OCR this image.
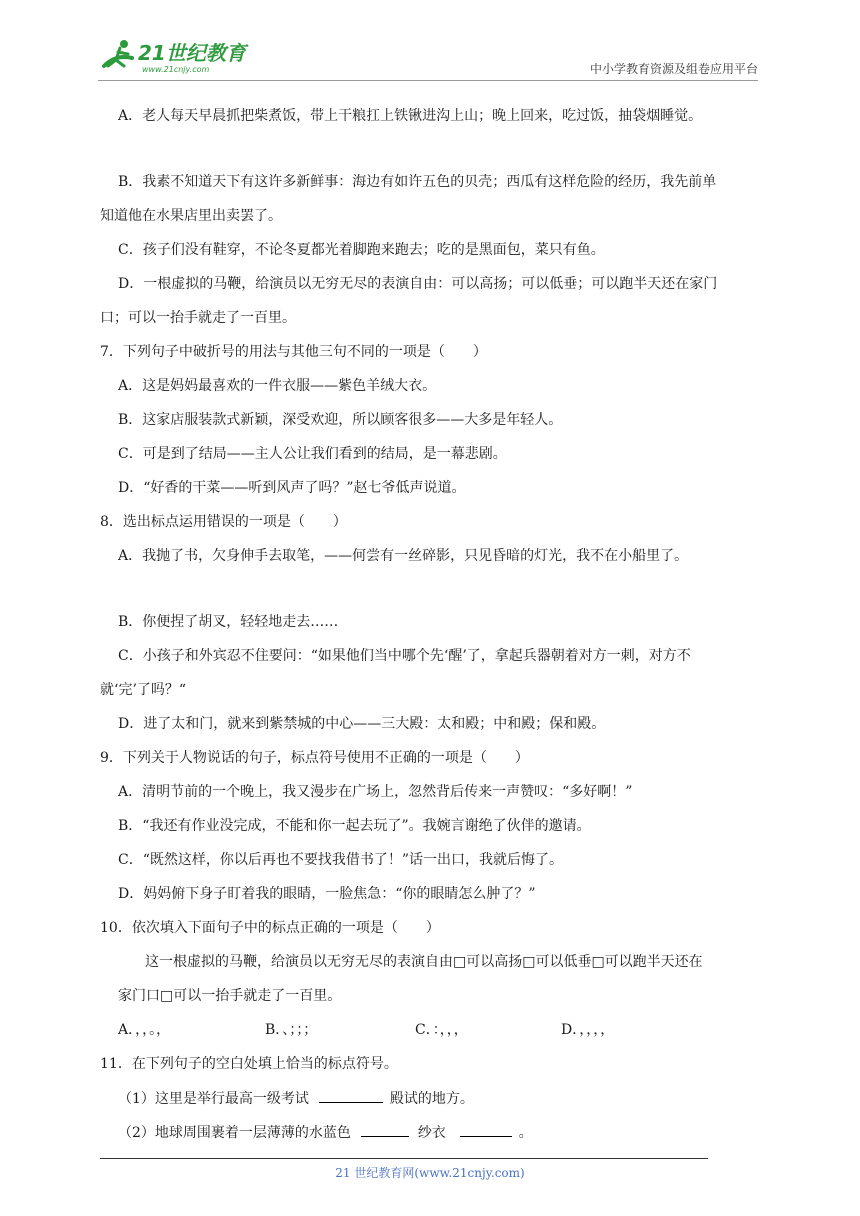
21世纪教育
www.21cnjy.com	中小学教育资源及组卷应用平台
A．老人每天早晨抓把柴煮饭，带上干粮扛上铁锹进沟上山；晚上回来，吃过饭，抽袋烟睡觉。
B．我素不知道天下有这许多新鲜事：海边有如许五色的贝壳；西瓜有这样危险的经历，我先前单
知道他在水果店里出卖罢了。
C．孩子们没有鞋穿，不论冬夏都光着脚跑来跑去；吃的是黑面包，菜只有鱼。
D．一根虚拟的马鞭，给演员以无穷无尽的表演自由：可以高扬；可以低垂；可以跑半天还在家门
口；可以一抬手就走了一百里。
7．下列句子中破折号的用法与其他三句不同的一项是（　　）
A．这是妈妈最喜欢的一件衣服——紫色羊绒大衣。
B．这家店服装款式新颖，深受欢迎，所以顾客很多——大多是年轻人。
C．可是到了结局——主人公让我们看到的结局，是一幕悲剧。
D．“好香的干菜——听到风声了吗？”赵七爷低声说道。
8．选出标点运用错误的一项是（　　）
A．我抛了书，欠身伸手去取笔，——何尝有一丝碎影，只见昏暗的灯光，我不在小船里了。
B．你便捏了胡叉，轻轻地走去……
C．小孩子和外宾忍不住要问：“如果他们当中哪个先‘醒’了，拿起兵器朝着对方一刺，对方不
就‘完’了吗？“
D．进了太和门，就来到紫禁城的中心——三大殿：太和殿；中和殿；保和殿。
9．下列关于人物说话的句子，标点符号使用不正确的一项是（　　）
A．清明节前的一个晚上，我又漫步在广场上，忽然背后传来一声赞叹：“多好啊！”
B．“我还有作业没完成，不能和你一起去玩了”。我婉言谢绝了伙伴的邀请。
C．“既然这样，你以后再也不要找我借书了！”话一出口，我就后悔了。
D．妈妈俯下身子盯着我的眼睛，一脸焦急：“你的眼睛怎么肿了？”
10．依次填入下面句子中的标点正确的一项是（　　）
这一根虚拟的马鞭，给演员以无穷无尽的表演自由□可以高扬□可以低垂□可以跑半天还在
家门口□可以一抬手就走了一百里。
A．，，。，	B．、；；；	C．：，，，	D．，，，，
11．在下列句子的空白处填上恰当的标点符号。
（1）这里是举行最高一级考试	殿试的地方。
（2）地球周围裹着一层薄薄的水蓝色	纱衣	。
21 世纪教育网(www.21cnjy.com)
